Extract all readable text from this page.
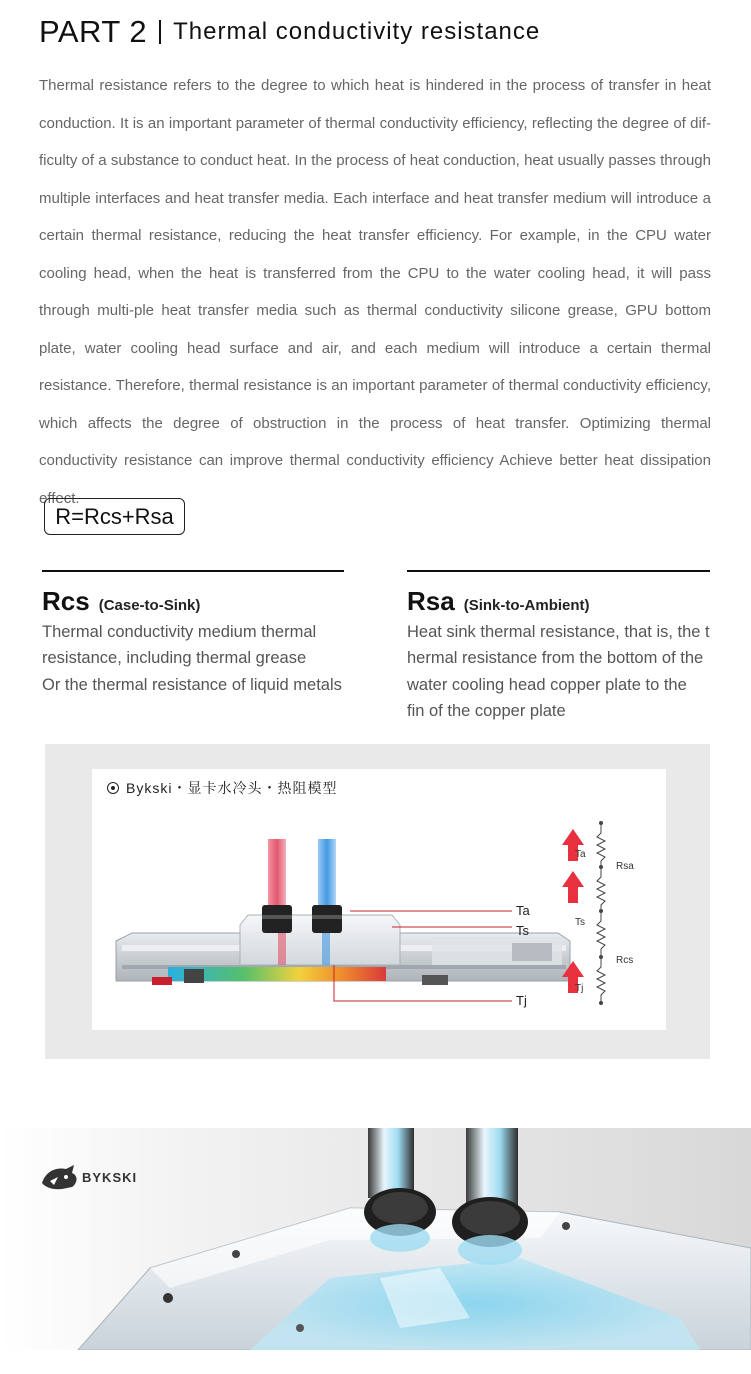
PART 2 Thermal conductivity resistance

Thermal resistance refers to the degree to which heat is hindered in the process of transfer in heat conduction. It is an important parameter of thermal conductivity efficiency, reflecting the degree of dif-ficulty of a substance to conduct heat. In the process of heat conduction, heat usually passes through multiple interfaces and heat transfer media. Each interface and heat transfer medium will introduce a certain thermal resistance, reducing the heat transfer efficiency. For example, in the CPU water cooling head, when the heat is transferred from the CPU to the water cooling head, it will pass through multi-ple heat transfer media such as thermal conductivity silicone grease, GPU bottom plate, water cooling head surface and air, and each medium will introduce a certain thermal resistance. Therefore, thermal resistance is an important parameter of thermal conductivity efficiency, which affects the degree of obstruction in the process of heat transfer. Optimizing thermal conductivity resistance can improve thermal conductivity efficiency Achieve better heat dissipation effect.

R=Rcs+Rsa
Rcs (Case-to-Sink)
Thermal conductivity medium thermal
resistance, including thermal grease
Or the thermal resistance of liquid metals
Rsa (Sink-to-Ambient)
Heat sink thermal resistance, that is, the t
hermal resistance from the bottom of the
water cooling head copper plate to the
fin of the copper plate
Ta
Ts
Tj
Ta
Ts
Tj
Rsa
Rcs
Bykski・显卡水冷头・热阻模型
BYKSKI
